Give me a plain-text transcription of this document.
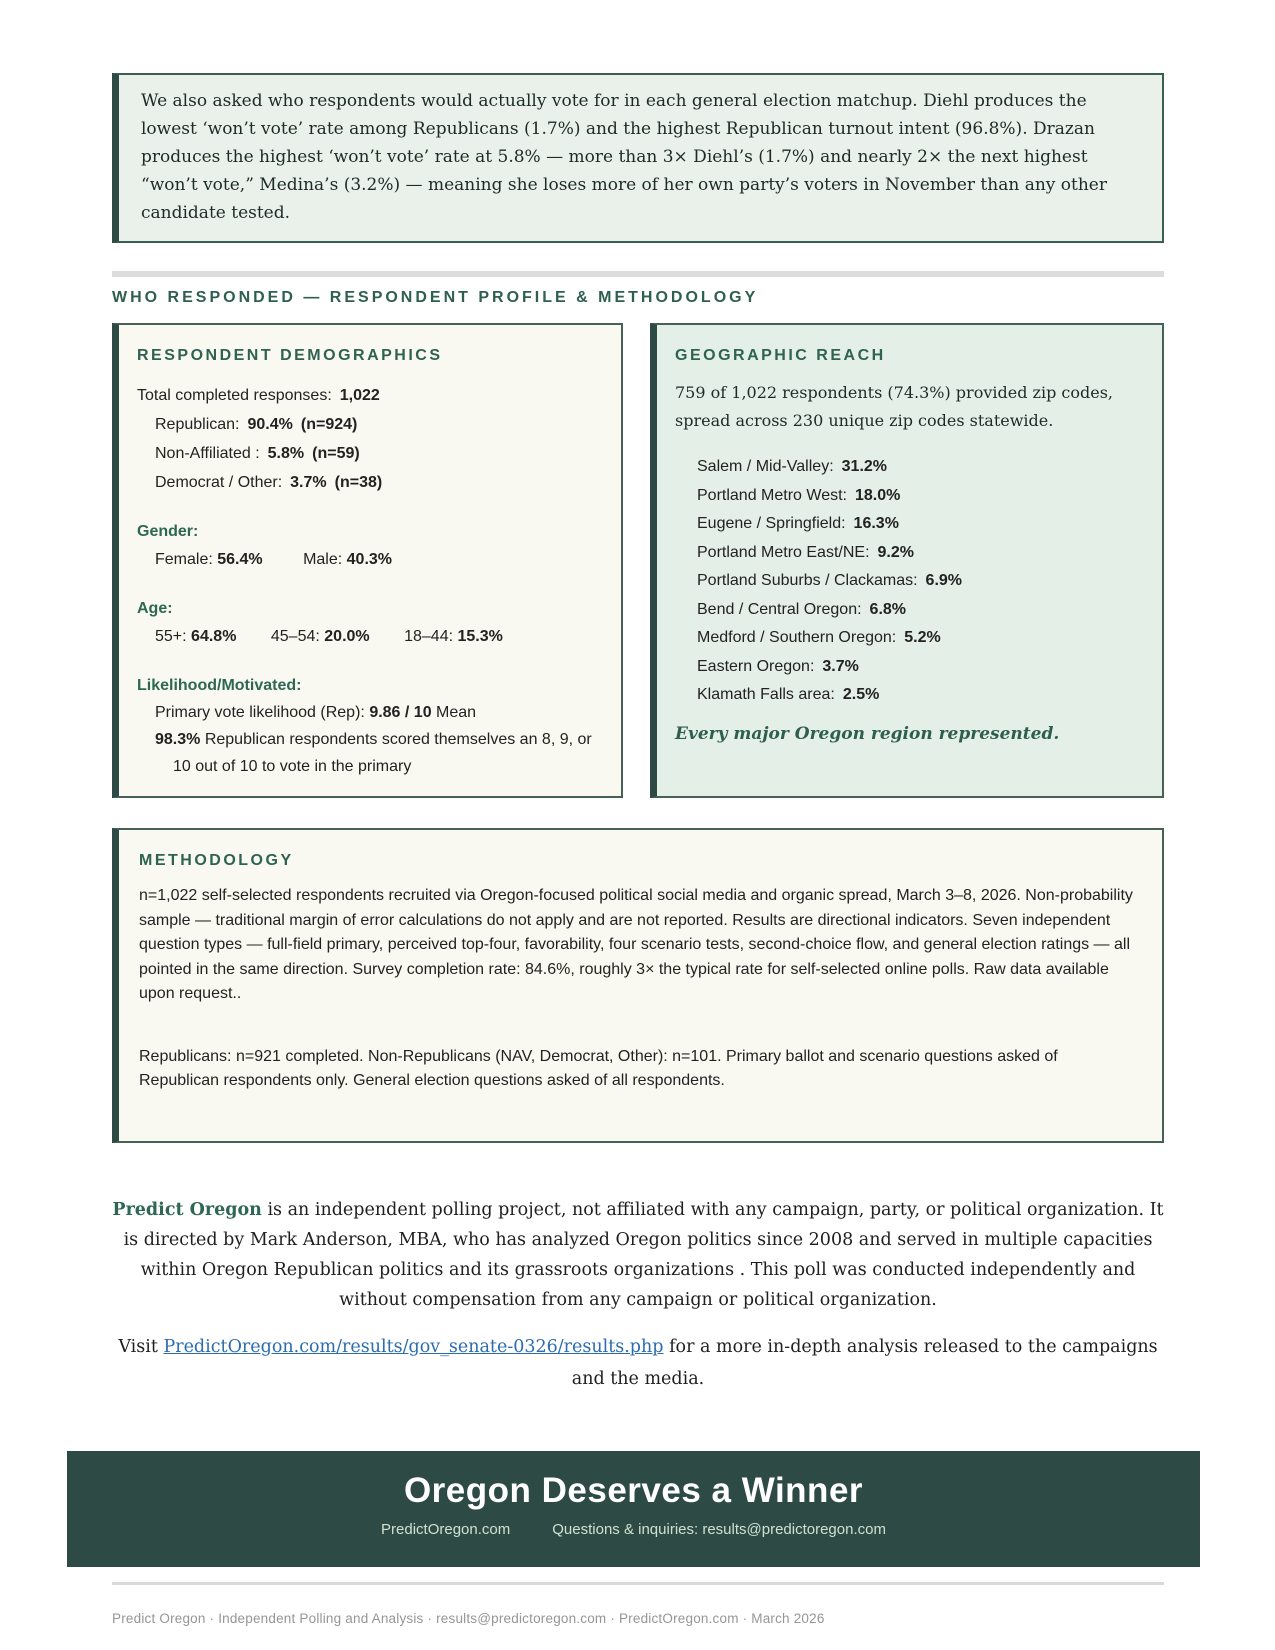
We also asked who respondents would actually vote for in each general election matchup. Diehl produces the lowest ‘won’t vote’ rate among Republicans (1.7%) and the highest Republican turnout intent (96.8%). Drazan produces the highest ‘won’t vote’ rate at 5.8% — more than 3× Diehl’s (1.7%) and nearly 2× the next highest “won’t vote,” Medina’s (3.2%) — meaning she loses more of her own party’s voters in November than any other candidate tested.

WHO RESPONDED — RESPONDENT PROFILE & METHODOLOGY
RESPONDENT DEMOGRAPHICS

Total completed responses: 1,022

Republican: 90.4% (n=924)

Non-Affiliated : 5.8% (n=59)

Democrat / Other: 3.7% (n=38)

Gender:

Female: 56.4%	Male: 40.3%

Age:

55+: 64.8% 45–54: 20.0% 18–44: 15.3%

Likelihood/Motivated:

Primary vote likelihood (Rep): 9.86 / 10 Mean

98.3% Republican respondents scored themselves an 8, 9, or 10 out of 10 to vote in the primary

GEOGRAPHIC REACH

759 of 1,022 respondents (74.3%) provided zip codes, spread across 230 unique zip codes statewide.

Salem / Mid-Valley: 31.2%

Portland Metro West: 18.0%

Eugene / Springfield: 16.3%

Portland Metro East/NE: 9.2%

Portland Suburbs / Clackamas: 6.9%

Bend / Central Oregon: 6.8%

Medford / Southern Oregon: 5.2%

Eastern Oregon: 3.7%

Klamath Falls area: 2.5%

Every major Oregon region represented.

METHODOLOGY

n=1,022 self-selected respondents recruited via Oregon-focused political social media and organic spread, March 3–8, 2026. Non-probability sample — traditional margin of error calculations do not apply and are not reported. Results are directional indicators. Seven independent question types — full-field primary, perceived top-four, favorability, four scenario tests, second-choice flow, and general election ratings — all pointed in the same direction. Survey completion rate: 84.6%, roughly 3× the typical rate for self-selected online polls. Raw data available upon request..

Republicans: n=921 completed. Non-Republicans (NAV, Democrat, Other): n=101. Primary ballot and scenario questions asked of Republican respondents only. General election questions asked of all respondents.

Predict Oregon is an independent polling project, not affiliated with any campaign, party, or political organization. It is directed by Mark Anderson, MBA, who has analyzed Oregon politics since 2008 and served in multiple capacities within Oregon Republican politics and its grassroots organizations . This poll was conducted independently and without compensation from any campaign or political organization.

Visit PredictOregon.com/results/gov_senate-0326/results.php for a more in-depth analysis released to the campaigns and the media.

Oregon Deserves a Winner
PredictOregon.com	Questions & inquiries: results@predictoregon.com

Predict Oregon · Independent Polling and Analysis · results@predictoregon.com · PredictOregon.com · March 2026
